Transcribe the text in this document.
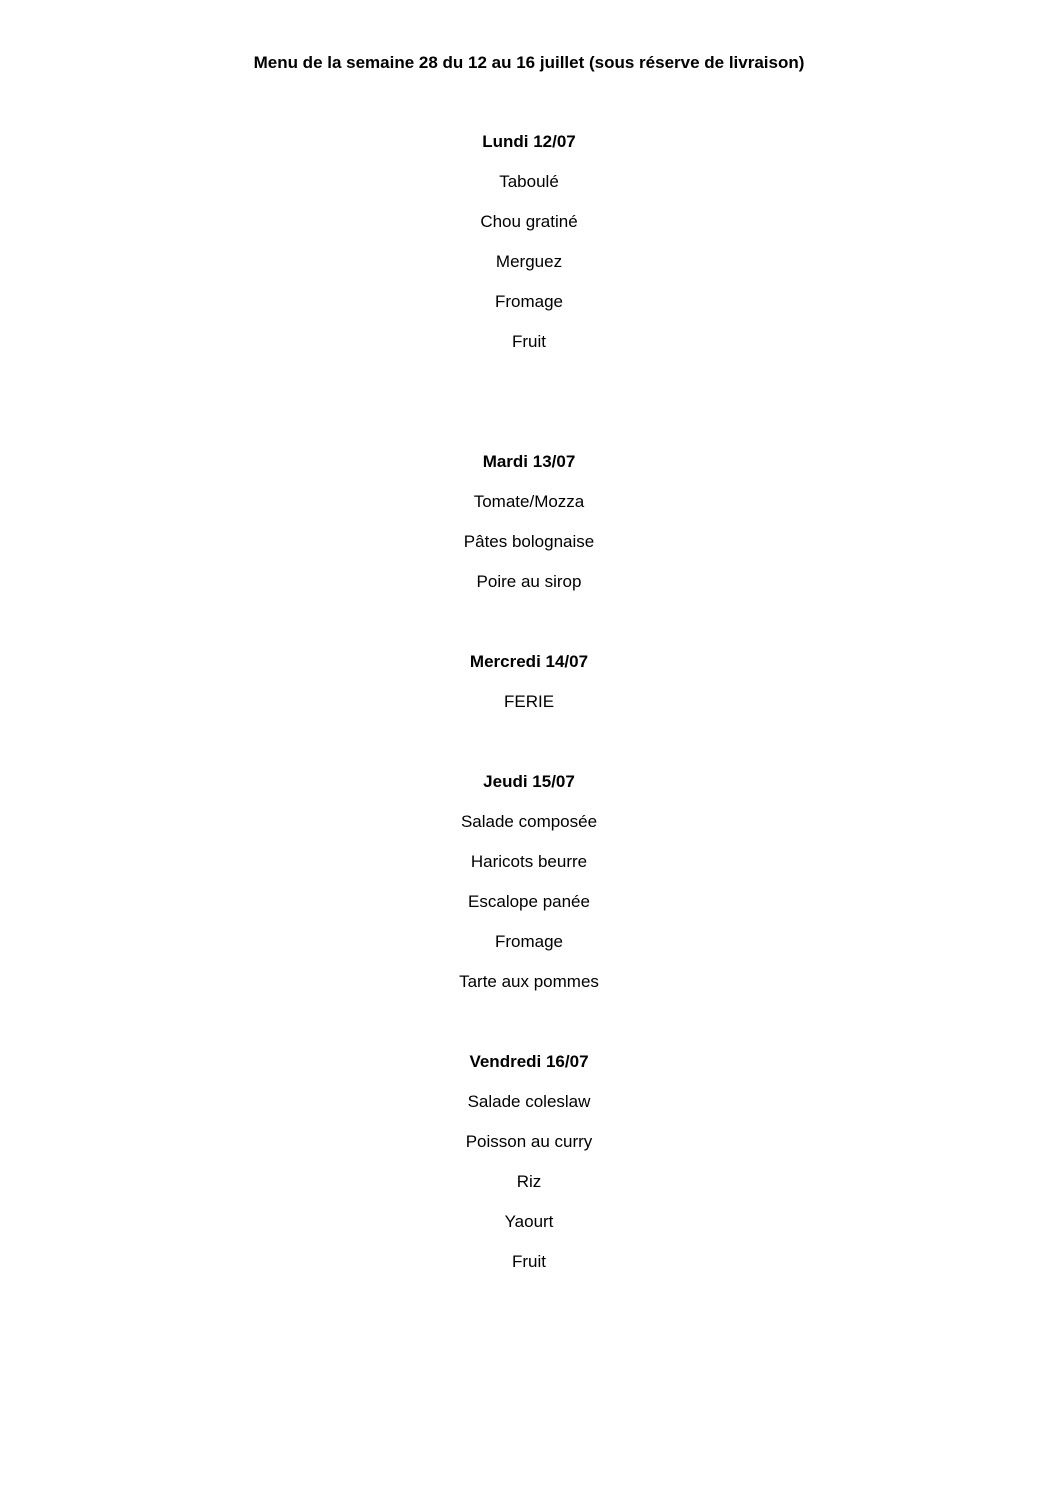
Menu de la semaine 28 du 12 au 16 juillet (sous réserve de livraison)
Lundi 12/07
Taboulé
Chou gratiné
Merguez
Fromage
Fruit
Mardi 13/07
Tomate/Mozza
Pâtes bolognaise
Poire au sirop
Mercredi 14/07
FERIE
Jeudi 15/07
Salade composée
Haricots beurre
Escalope panée
Fromage
Tarte aux pommes
Vendredi 16/07
Salade coleslaw
Poisson au curry
Riz
Yaourt
Fruit
